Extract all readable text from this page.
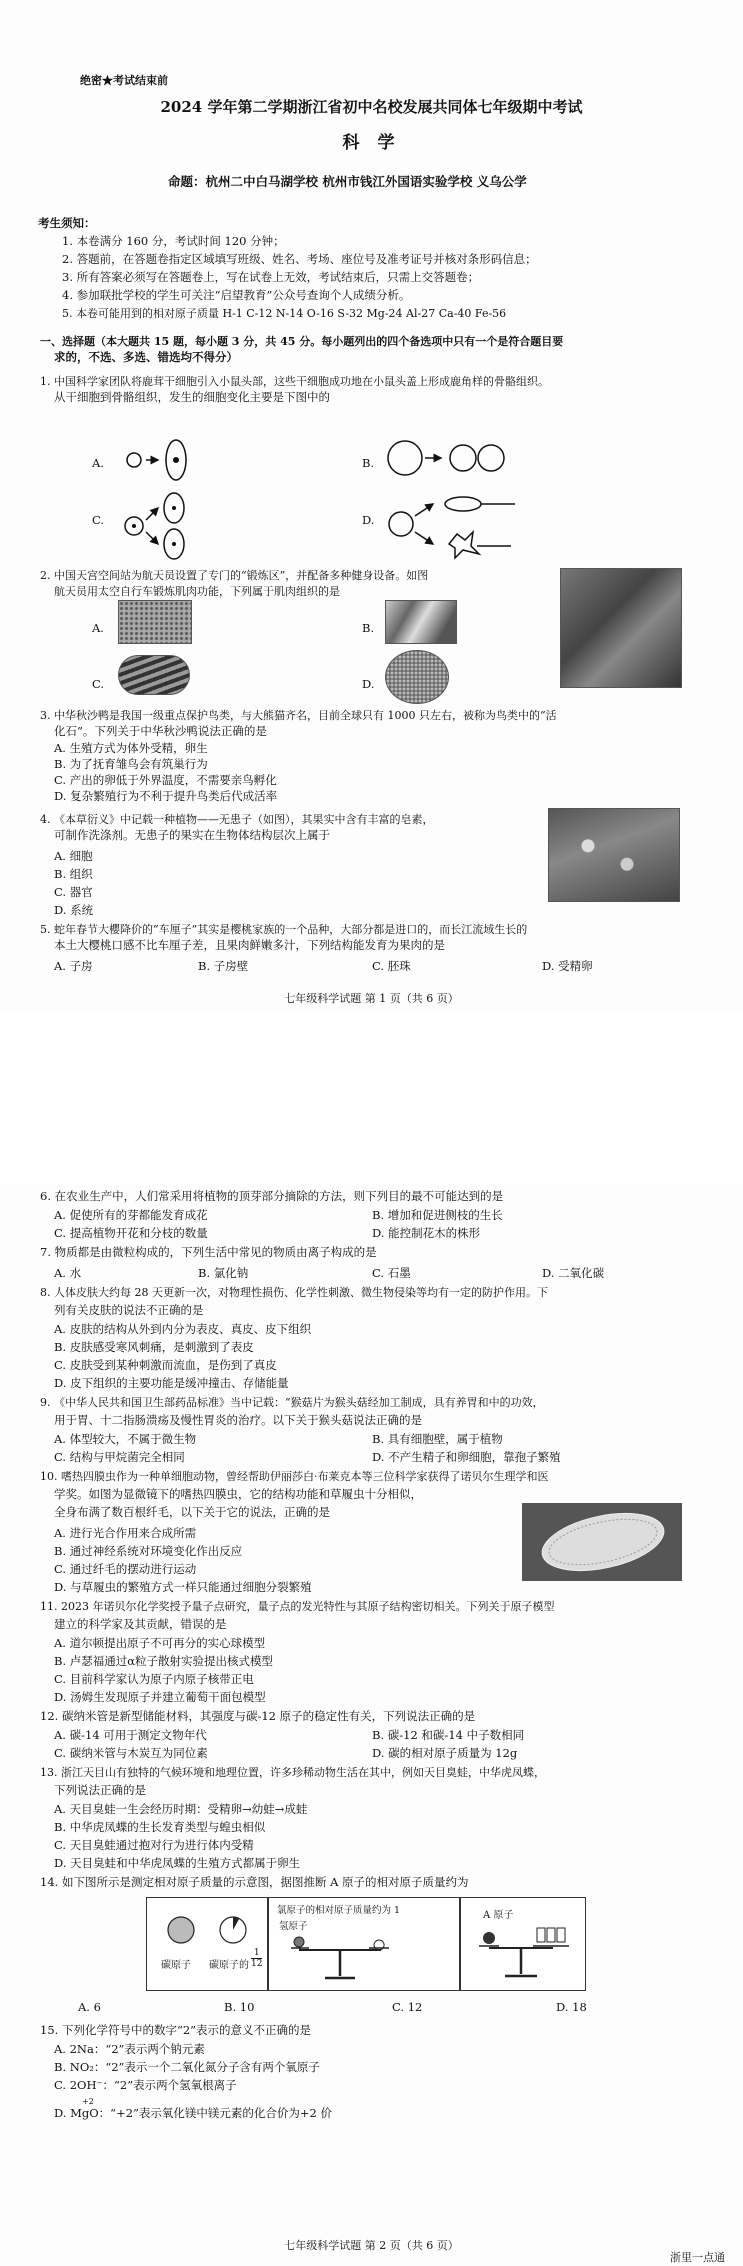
绝密★考试结束前
2024 学年第二学期浙江省初中名校发展共同体七年级期中考试
科 学
命题：杭州二中白马湖学校 杭州市钱江外国语实验学校 义乌公学
考生须知：
1. 本卷满分 160 分，考试时间 120 分钟；
2. 答题前，在答题卷指定区域填写班级、姓名、考场、座位号及准考证号并核对条形码信息；
3. 所有答案必须写在答题卷上，写在试卷上无效，考试结束后，只需上交答题卷；
4. 参加联批学校的学生可关注“启望教育”公众号查询个人成绩分析。
5. 本卷可能用到的相对原子质量 H-1 C-12 N-14 O-16 S-32 Mg-24 Al-27 Ca-40 Fe-56
一、选择题（本大题共 15 题，每小题 3 分，共 45 分。每小题列出的四个备选项中只有一个是符合题目要
求的，不选、多选、错选均不得分）
1. 中国科学家团队将鹿茸干细胞引入小鼠头部，这些干细胞成功地在小鼠头盖上形成鹿角样的骨骼组织。
从干细胞到骨骼组织，发生的细胞变化主要是下图中的
A.	B.
C.	D.
2. 中国天宫空间站为航天员设置了专门的“锻炼区”，并配备多种健身设备。如图
航天员用太空自行车锻炼肌肉功能，下列属于肌肉组织的是
A.	B.
C.	D.
3. 中华秋沙鸭是我国一级重点保护鸟类，与大熊猫齐名，目前全球只有 1000 只左右，被称为鸟类中的“活
化石”。下列关于中华秋沙鸭说法正确的是
A. 生殖方式为体外受精，卵生
B. 为了抚育雏鸟会有筑巢行为
C. 产出的卵低于外界温度，不需要亲鸟孵化
D. 复杂繁殖行为不利于提升鸟类后代成活率
4. 《本草衍义》中记载一种植物——无患子（如图），其果实中含有丰富的皂素，
可制作洗涤剂。无患子的果实在生物体结构层次上属于
A. 细胞
B. 组织
C. 器官
D. 系统
5. 蛇年春节大櫻降价的“车厘子”其实是樱桃家族的一个品种，大部分都是进口的，而长江流域生长的
本土大樱桃口感不比车厘子差，且果肉鲜嫩多汁，下列结构能发育为果肉的是
A. 子房	B. 子房壁	C. 胚珠	D. 受精卵
七年级科学试题 第 1 页（共 6 页）
6. 在农业生产中，人们常采用将植物的顶芽部分摘除的方法，则下列目的最不可能达到的是
A. 促使所有的芽都能发育成花	B. 增加和促进侧枝的生长
C. 提高植物开花和分枝的数量	D. 能控制花木的株形
7. 物质都是由微粒构成的，下列生活中常见的物质由离子构成的是
A. 水	B. 氯化钠	C. 石墨	D. 二氧化碳
8. 人体皮肤大约每 28 天更新一次，对物理性损伤、化学性刺激、微生物侵染等均有一定的防护作用。下
列有关皮肤的说法不正确的是
A. 皮肤的结构从外到内分为表皮、真皮、皮下组织
B. 皮肤感受寒风刺痛，是刺激到了表皮
C. 皮肤受到某种刺激而流血，是伤到了真皮
D. 皮下组织的主要功能是缓冲撞击、存储能量
9. 《中华人民共和国卫生部药品标准》当中记载：“猴菇片为猴头菇经加工制成，具有养胃和中的功效，
用于胃、十二指肠溃疡及慢性胃炎的治疗。以下关于猴头菇说法正确的是
A. 体型较大，不属于微生物	B. 具有细胞壁，属于植物
C. 结构与甲烷菌完全相同	D. 不产生精子和卵细胞，靠孢子繁殖
10. 嗜热四膜虫作为一种单细胞动物，曾经帮助伊丽莎白·布莱克本等三位科学家获得了诺贝尔生理学和医
学奖。如图为显微镜下的嗜热四膜虫，它的结构功能和草履虫十分相似，
全身布满了数百根纤毛，以下关于它的说法，正确的是
A. 进行光合作用来合成所需
B. 通过神经系统对环境变化作出反应
C. 通过纤毛的摆动进行运动
D. 与草履虫的繁殖方式一样只能通过细胞分裂繁殖
11. 2023 年诺贝尔化学奖授予量子点研究，量子点的发光特性与其原子结构密切相关。下列关于原子模型
建立的科学家及其贡献，错误的是
A. 道尔顿提出原子不可再分的实心球模型
B. 卢瑟福通过α粒子散射实验提出核式模型
C. 目前科学家认为原子内原子核带正电
D. 汤姆生发现原子并建立葡萄干面包模型
12. 碳纳米管是新型储能材料，其强度与碳-12 原子的稳定性有关，下列说法正确的是
A. 碳-14 可用于测定文物年代	B. 碳-12 和碳-14 中子数相同
C. 碳纳米管与木炭互为同位素	D. 碳的相对原子质量为 12g
13. 浙江天目山有独特的气候环境和地理位置，许多珍稀动物生活在其中，例如天目臭蛙，中华虎凤蝶，
下列说法正确的是
A. 天目臭蛙一生会经历时期：受精卵→幼蛙→成蛙
B. 中华虎凤蝶的生长发育类型与蝗虫相似
C. 天目臭蛙通过抱对行为进行体内受精
D. 天目臭蛙和中华虎凤蝶的生殖方式都属于卵生
14. 如下图所示是测定相对原子质量的示意图，据图推断 A 原子的相对原子质量约为
碳原子 碳原子的 $\frac{1}{12}$
氯原子的相对原子质量约为 1
氢原子
A 原子
A. 6	B. 10	C. 12	D. 18
15. 下列化学符号中的数字“2”表示的意义不正确的是
A. 2Na：“2”表示两个钠元素
B. NO₂：“2”表示一个二氧化氮分子含有两个氧原子
C. 2OH⁻：“2”表示两个氢氧根离子
+2
D. MgO：“+2”表示氧化镁中镁元素的化合价为+2 价
七年级科学试题 第 2 页（共 6 页）
浙里一点通
